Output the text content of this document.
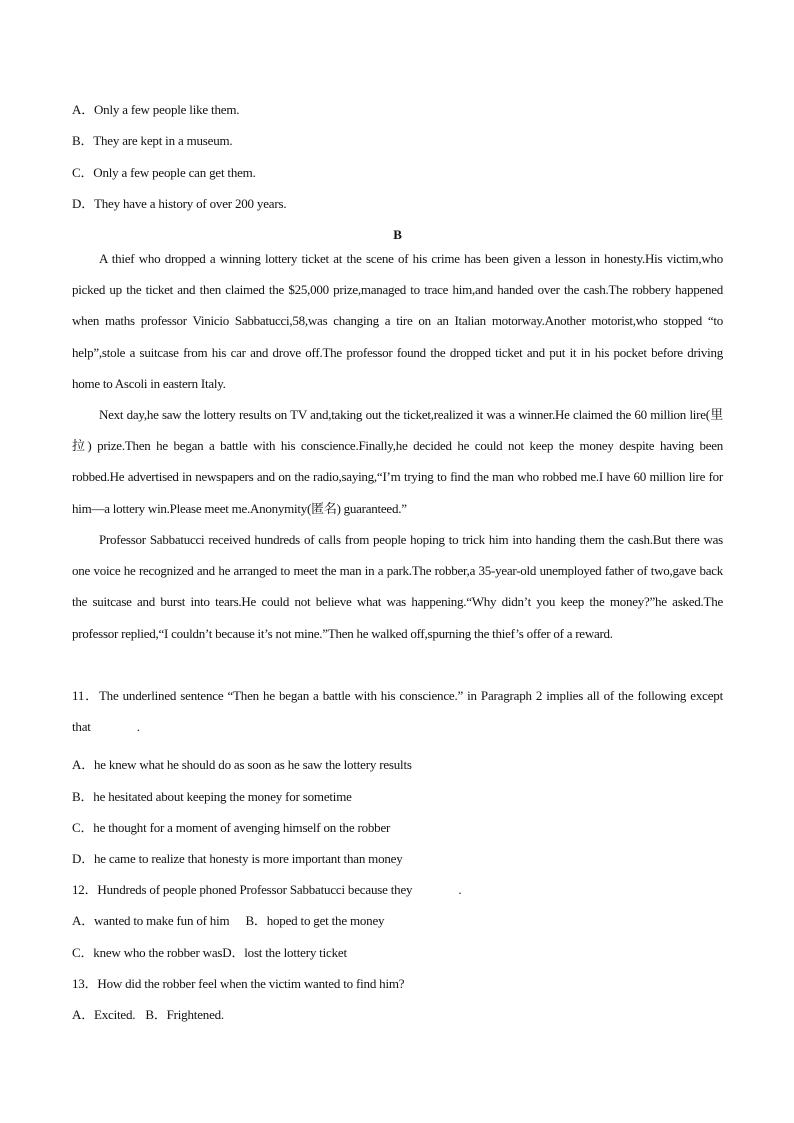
A．Only a few people like them.
B．They are kept in a museum.
C．Only a few people can get them.
D．They have a history of over 200 years.
B

A thief who dropped a winning lottery ticket at the scene of his crime has been given a lesson in honesty.His victim,who picked up the ticket and then claimed the $25,000 prize,managed to trace him,and handed over the cash.The robbery happened when maths professor Vinicio Sabbatucci,58,was changing a tire on an Italian motorway.Another motorist,who stopped “to help”,stole a suitcase from his car and drove off.The professor found the dropped ticket and put it in his pocket before driving home to Ascoli in eastern Italy.

Next day,he saw the lottery results on TV and,taking out the ticket,realized it was a winner.He claimed the 60 million lire(里拉) prize.Then he began a battle with his conscience.Finally,he decided he could not keep the money despite having been robbed.He advertised in newspapers and on the radio,saying,“I’m trying to find the man who robbed me.I have 60 million lire for him—a lottery win.Please meet me.Anonymity(匿名) guaranteed.”

Professor Sabbatucci received hundreds of calls from people hoping to trick him into handing them the cash.But there was one voice he recognized and he arranged to meet the man in a park.The robber,a 35-year-old unemployed father of two,gave back the suitcase and burst into tears.He could not believe what was happening.“Why didn’t you keep the money?”he asked.The professor replied,“I couldn’t because it’s not mine.”Then he walked off,spurning the thief’s offer of a reward.

11．The underlined sentence “Then he began a battle with his conscience.” in Paragraph 2 implies all of the following except that	.

A．he knew what he should do as soon as he saw the lottery results
B．he hesitated about keeping the money for sometime
C．he thought for a moment of avenging himself on the robber
D．he came to realize that honesty is more important than money
12．Hundreds of people phoned Professor Sabbatucci because they	.
A．wanted to make fun of him B．hoped to get the money
C．knew who the robber wasD．lost the lottery ticket
13．How did the robber feel when the victim wanted to find him?
A．Excited. B．Frightened.
